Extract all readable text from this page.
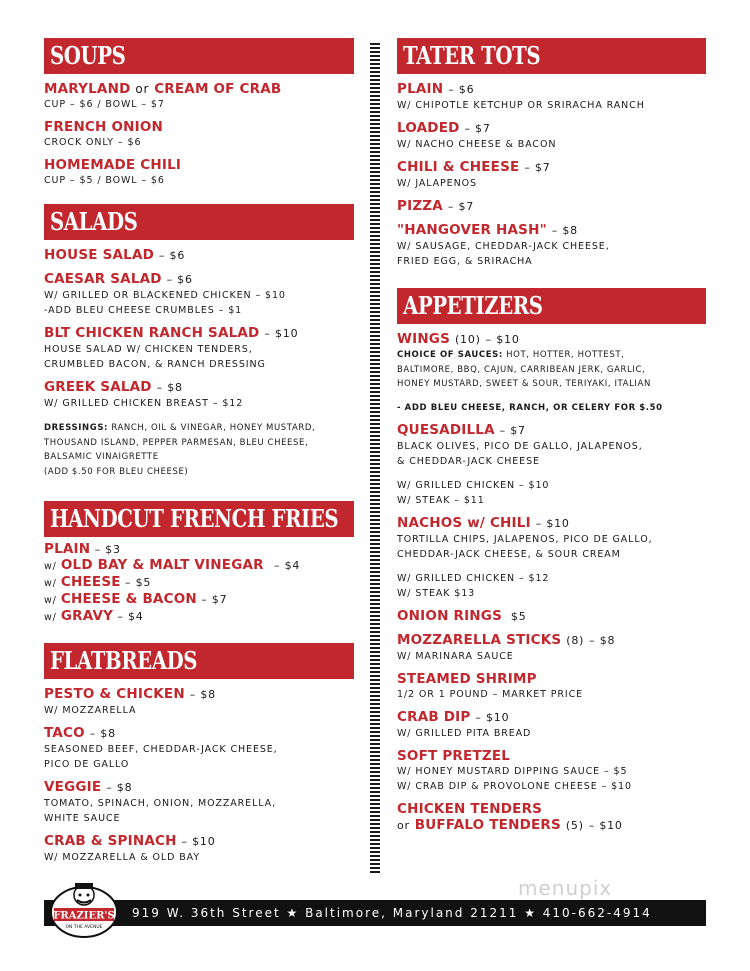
SOUPS
MARYLAND or CREAM OF CRAB
CUP – $6 / BOWL – $7
FRENCH ONION
CROCK ONLY – $6
HOMEMADE CHILI
CUP – $5 / BOWL – $6
SALADS
HOUSE SALAD – $6
CAESAR SALAD – $6
W/ GRILLED OR BLACKENED CHICKEN – $10
-ADD BLEU CHEESE CRUMBLES – $1
BLT CHICKEN RANCH SALAD – $10
HOUSE SALAD W/ CHICKEN TENDERS,
CRUMBLED BACON, & RANCH DRESSING
GREEK SALAD – $8
W/ GRILLED CHICKEN BREAST – $12
DRESSINGS: RANCH, OIL & VINEGAR, HONEY MUSTARD,
THOUSAND ISLAND, PEPPER PARMESAN, BLEU CHEESE,
BALSAMIC VINAIGRETTE
(ADD $.50 FOR BLEU CHEESE)
HANDCUT FRENCH FRIES
PLAIN – $3
w/ OLD BAY & MALT VINEGAR – $4
w/ CHEESE – $5
w/ CHEESE & BACON – $7
w/ GRAVY – $4
FLATBREADS
PESTO & CHICKEN – $8
W/ MOZZARELLA
TACO – $8
SEASONED BEEF, CHEDDAR-JACK CHEESE,
PICO DE GALLO
VEGGIE – $8
TOMATO, SPINACH, ONION, MOZZARELLA,
WHITE SAUCE
CRAB & SPINACH – $10
W/ MOZZARELLA & OLD BAY
TATER TOTS
PLAIN – $6
W/ CHIPOTLE KETCHUP OR SRIRACHA RANCH
LOADED – $7
W/ NACHO CHEESE & BACON
CHILI & CHEESE – $7
W/ JALAPENOS
PIZZA – $7
"HANGOVER HASH" – $8
W/ SAUSAGE, CHEDDAR-JACK CHEESE,
FRIED EGG, & SRIRACHA
APPETIZERS
WINGS (10) – $10
CHOICE OF SAUCES: HOT, HOTTER, HOTTEST,
BALTIMORE, BBQ, CAJUN, CARRIBEAN JERK, GARLIC,
HONEY MUSTARD, SWEET & SOUR, TERIYAKI, ITALIAN
- ADD BLEU CHEESE, RANCH, OR CELERY FOR $.50
QUESADILLA – $7
BLACK OLIVES, PICO DE GALLO, JALAPENOS,
& CHEDDAR-JACK CHEESE
W/ GRILLED CHICKEN – $10
W/ STEAK – $11
NACHOS w/ CHILI – $10
TORTILLA CHIPS, JALAPENOS, PICO DE GALLO,
CHEDDAR-JACK CHEESE, & SOUR CREAM
W/ GRILLED CHICKEN – $12
W/ STEAK $13
ONION RINGS $5
MOZZARELLA STICKS (8) – $8
W/ MARINARA SAUCE
STEAMED SHRIMP
1/2 OR 1 POUND – MARKET PRICE
CRAB DIP – $10
W/ GRILLED PITA BREAD
SOFT PRETZEL
W/ HONEY MUSTARD DIPPING SAUCE – $5
W/ CRAB DIP & PROVOLONE CHEESE – $10
CHICKEN TENDERS
or BUFFALO TENDERS (5) – $10
menupix
919 W. 36th Street ★ Baltimore, Maryland 21211 ★ 410-662-4914
FRAZIER'S
ON THE AVENUE
